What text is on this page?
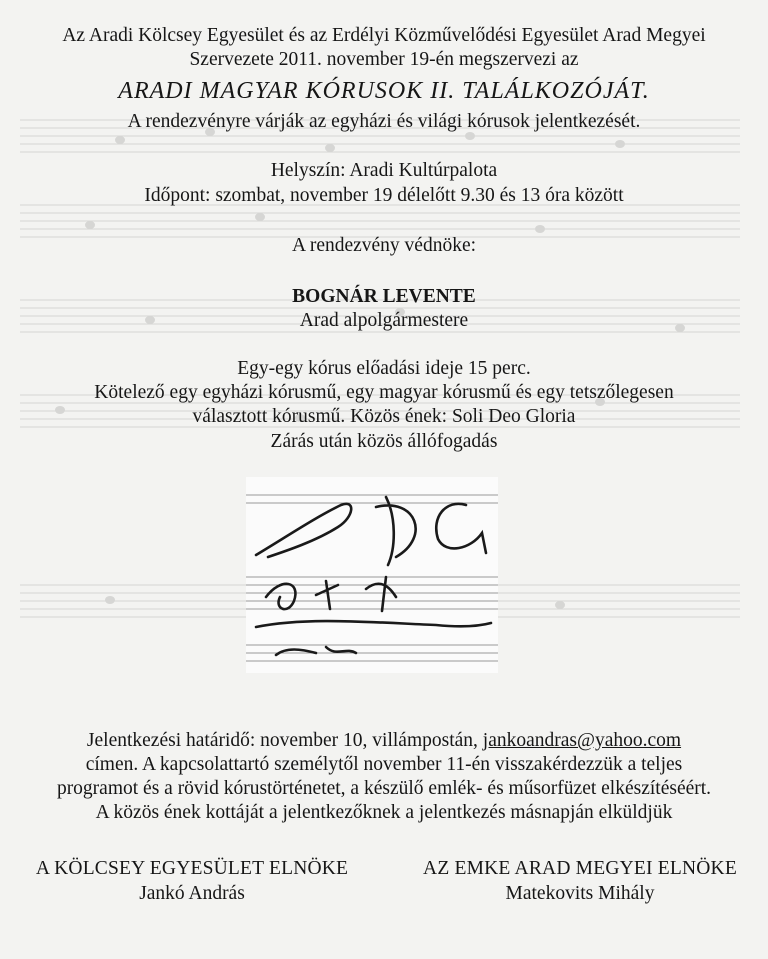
Az Aradi Kölcsey Egyesület és az Erdélyi Közművelődési Egyesület Arad Megyei
Szervezete 2011. november 19-én megszervezi az
ARADI MAGYAR KÓRUSOK II. TALÁLKOZÓJÁT.
A rendezvényre várják az egyházi és világi kórusok jelentkezését.
Helyszín: Aradi Kultúrpalota
Időpont: szombat, november 19 délelőtt 9.30 és 13 óra között
A rendezvény védnöke:
BOGNÁR LEVENTE
Arad alpolgármestere
Egy-egy kórus előadási ideje 15 perc.
Kötelező egy egyházi kórusmű, egy magyar kórusmű és egy tetszőlegesen
választott kórusmű. Közös ének: Soli Deo Gloria
Zárás után közös állófogadás
Jelentkezési határidő: november 10, villámpostán, jankoandras@yahoo.com
címen. A kapcsolattartó személytől november 11-én visszakérdezzük a teljes
programot és a rövid kórustörténetet, a készülő emlék- és műsorfüzet elkészítéséért.
A közös ének kottáját a jelentkezőknek a jelentkezés másnapján elküldjük
A KÖLCSEY EGYESÜLET ELNÖKE
Jankó András
AZ EMKE ARAD MEGYEI ELNÖKE
Matekovits Mihály
